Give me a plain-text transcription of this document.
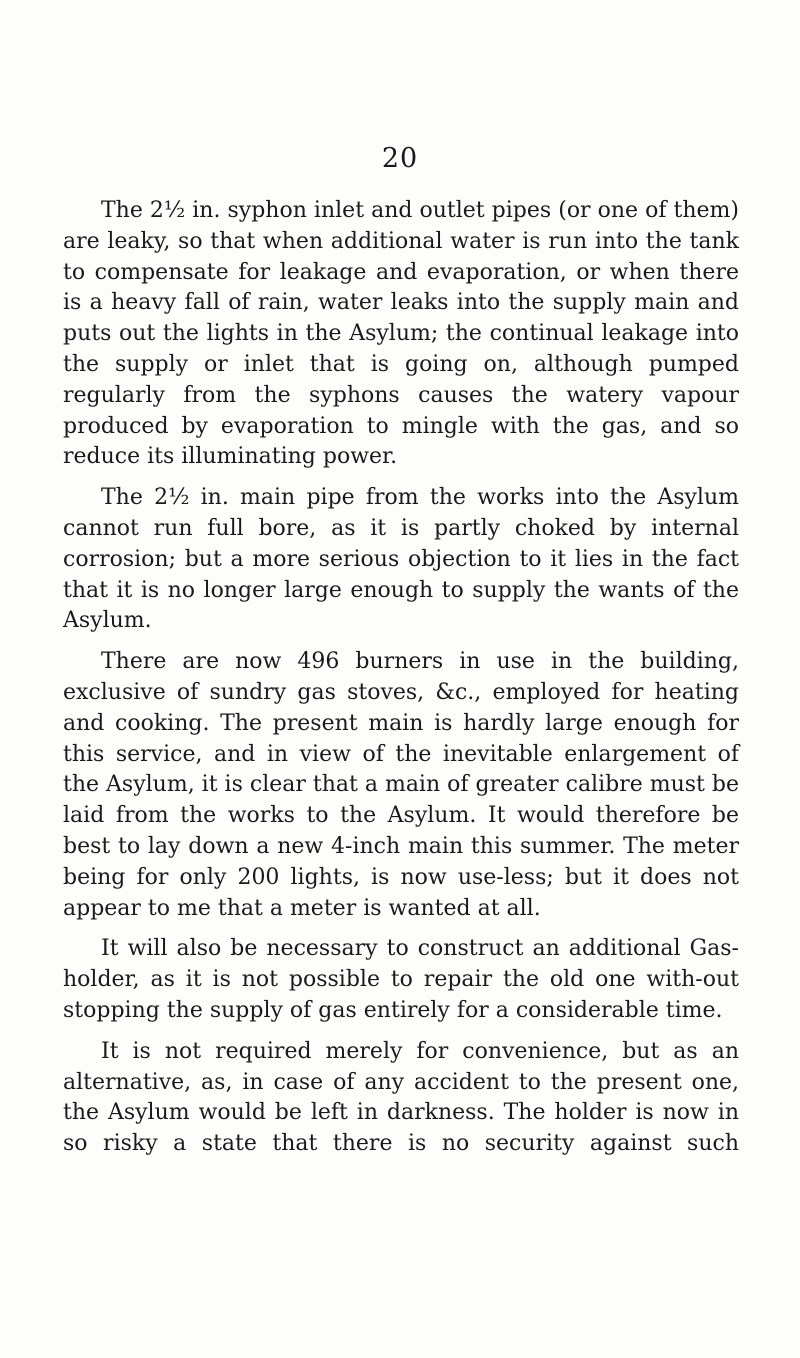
20

The 2½ in. syphon inlet and outlet pipes (or one of them) are leaky, so that when additional water is run into the tank to compensate for leakage and evaporation, or when there is a heavy fall of rain, water leaks into the supply main and puts out the lights in the Asylum; the continual leakage into the supply or inlet that is going on, although pumped regularly from the syphons causes the watery vapour produced by evaporation to mingle with the gas, and so reduce its illuminating power.

The 2½ in. main pipe from the works into the Asylum cannot run full bore, as it is partly choked by internal corrosion; but a more serious objection to it lies in the fact that it is no longer large enough to supply the wants of the Asylum.

There are now 496 burners in use in the building, exclusive of sundry gas stoves, &c., employed for heating and cooking. The present main is hardly large enough for this service, and in view of the inevitable enlargement of the Asylum, it is clear that a main of greater calibre must be laid from the works to the Asylum. It would therefore be best to lay down a new 4-inch main this summer. The meter being for only 200 lights, is now use-less; but it does not appear to me that a meter is wanted at all.

It will also be necessary to construct an additional Gas-holder, as it is not possible to repair the old one with-out stopping the supply of gas entirely for a considerable time.

It is not required merely for convenience, but as an alternative, as, in case of any accident to the present one, the Asylum would be left in darkness. The holder is now in so risky a state that there is no security against such
